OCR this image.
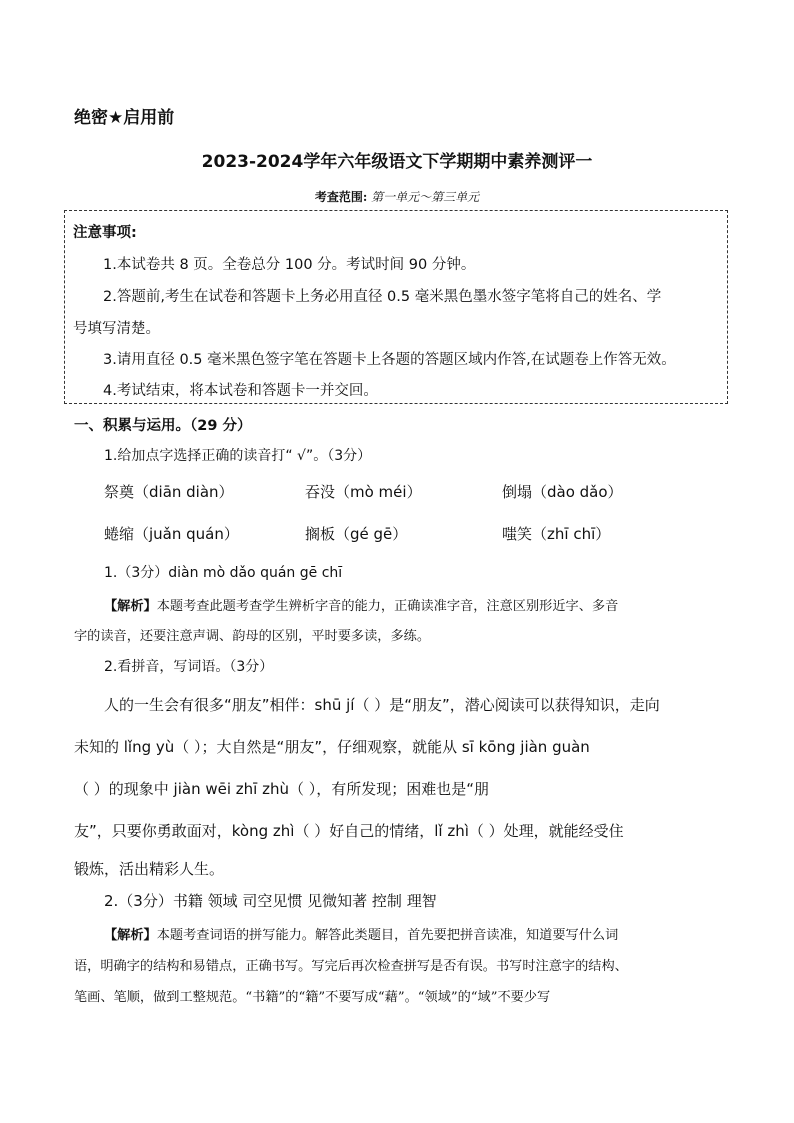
绝密★启用前
2023-2024学年六年级语文下学期期中素养测评一
考查范围: 第一单元～第三单元
注意事项:
1.本试卷共 8 页。全卷总分 100 分。考试时间 90 分钟。
2.答题前,考生在试卷和答题卡上务必用直径 0.5 毫米黑色墨水签字笔将自己的姓名、学
号填写清楚。
3.请用直径 0.5 毫米黑色签字笔在答题卡上各题的答题区域内作答,在试题卷上作答无效。
4.考试结束，将本试卷和答题卡一并交回。
一、积累与运用。（29 分）
1.给加点字选择正确的读音打“ √”。（3分）
祭奠（diān diàn）	吞没（mò méi）	倒塌（dào dǎo）
蜷缩（juǎn quán）	搁板（gé gē）	嗤笑（zhī chī）
1.（3分）diàn mò dǎo quán gē chī
【解析】本题考查此题考查学生辨析字音的能力，正确读准字音，注意区别形近字、多音
字的读音，还要注意声调、韵母的区别，平时要多读，多练。
2.看拼音，写词语。（3分）
人的一生会有很多“朋友”相伴：shū jí（ ）是“朋友”，潜心阅读可以获得知识，走向
未知的 lǐng yù（ ）；大自然是“朋友”，仔细观察，就能从 sī kōng jiàn guàn
（ ）的现象中 jiàn wēi zhī zhù（ ），有所发现；困难也是“朋
友”，只要你勇敢面对，kòng zhì（ ）好自己的情绪，lǐ zhì（ ）处理，就能经受住
锻炼，活出精彩人生。
2.（3分）书籍 领域 司空见惯 见微知著 控制 理智
【解析】本题考查词语的拼写能力。解答此类题目，首先要把拼音读准，知道要写什么词
语，明确字的结构和易错点，正确书写。写完后再次检查拼写是否有误。书写时注意字的结构、
笔画、笔顺，做到工整规范。“书籍”的“籍”不要写成“藉”。“领域”的“域”不要少写
